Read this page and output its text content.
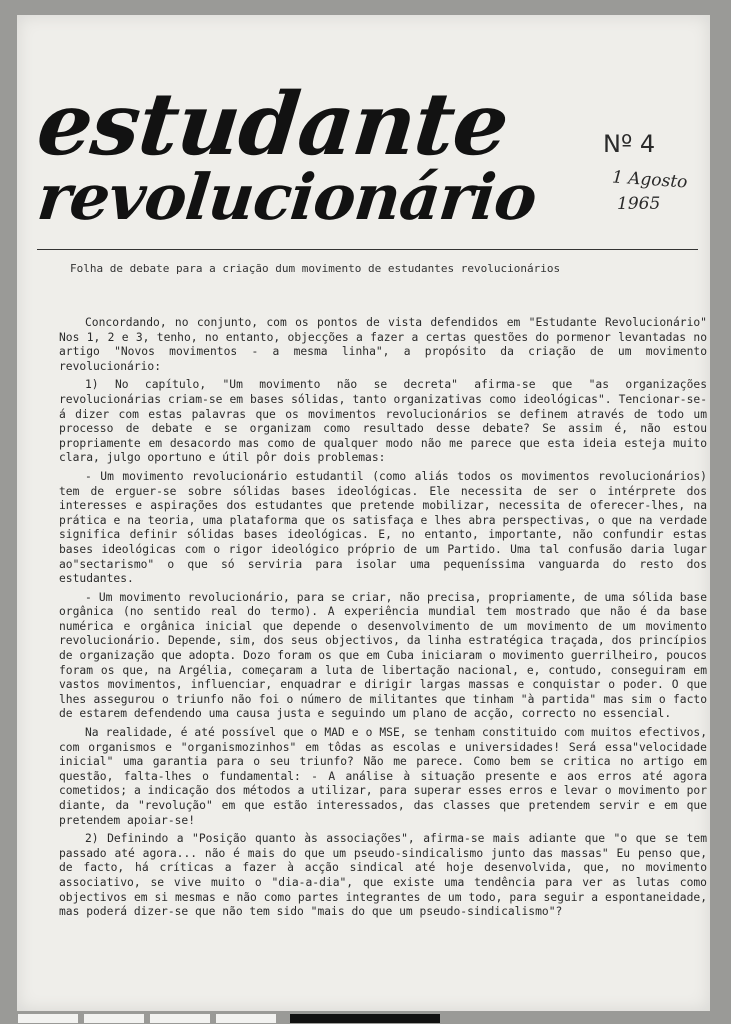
estudante
revolucionário
Nº 4
1 Agosto
1965
Folha de debate para a criação dum movimento de estudantes revolucionários

Concordando, no conjunto, com os pontos de vista defendidos em "Estudante Revolucionário" Nos 1, 2 e 3, tenho, no entanto, objecções a fazer a certas questões do pormenor levantadas no artigo "Novos movimentos - a mesma linha", a propósito da criação de um movimento revolucionário:

1) No capítulo, "Um movimento não se decreta" afirma-se que "as organizações revolucionárias criam-se em bases sólidas, tanto organizativas como ideológicas". Tencionar-se-á dizer com estas palavras que os movimentos revolucionários se definem através de todo um processo de debate e se organizam como resultado desse debate? Se assim é, não estou propriamente em desacordo mas como de qualquer modo não me parece que esta ideia esteja muito clara, julgo oportuno e útil pôr dois problemas:

- Um movimento revolucionário estudantil (como aliás todos os movimentos revolucionários) tem de erguer-se sobre sólidas bases ideológicas. Ele necessita de ser o intérprete dos interesses e aspirações dos estudantes que pretende mobilizar, necessita de oferecer-lhes, na prática e na teoria, uma plataforma que os satisfaça e lhes abra perspectivas, o que na verdade significa definir sólidas bases ideológicas. E, no entanto, importante, não confundir estas bases ideológicas com o rigor ideológico próprio de um Partido. Uma tal confusão daria lugar ao"sectarismo" o que só serviria para isolar uma pequeníssima vanguarda do resto dos estudantes.

- Um movimento revolucionário, para se criar, não precisa, propriamente, de uma sólida base orgânica (no sentido real do termo). A experiência mundial tem mostrado que não é da base numérica e orgânica inicial que depende o desenvolvimento de um movimento de um movimento revolucionário. Depende, sim, dos seus objectivos, da linha estratégica traçada, dos princípios de organização que adopta. Dozo foram os que em Cuba iniciaram o movimento guerrilheiro, poucos foram os que, na Argélia, começaram a luta de libertação nacional, e, contudo, conseguiram em vastos movimentos, influenciar, enquadrar e dirigir largas massas e conquistar o poder. O que lhes assegurou o triunfo não foi o número de militantes que tinham "à partida" mas sim o facto de estarem defendendo uma causa justa e seguindo um plano de acção, correcto no essencial.

Na realidade, é até possível que o MAD e o MSE, se tenham constituido com muitos efectivos, com organismos e "organismozinhos" em tôdas as escolas e universidades! Será essa"velocidade inicial" uma garantia para o seu triunfo? Não me parece. Como bem se critica no artigo em questão, falta-lhes o fundamental: - A análise à situação presente e aos erros até agora cometidos; a indicação dos métodos a utilizar, para superar esses erros e levar o movimento por diante, da "revolução" em que estão interessados, das classes que pretendem servir e em que pretendem apoiar-se!

2) Definindo a "Posição quanto às associações", afirma-se mais adiante que "o que se tem passado até agora... não é mais do que um pseudo-sindicalismo junto das massas" Eu penso que, de facto, há críticas a fazer à acção sindical até hoje desenvolvida, que, no movimento associativo, se vive muito o "dia-a-dia", que existe uma tendência para ver as lutas como objectivos em si mesmas e não como partes integrantes de um todo, para seguir a espontaneidade, mas poderá dizer-se que não tem sido "mais do que um pseudo-sindicalismo"?
